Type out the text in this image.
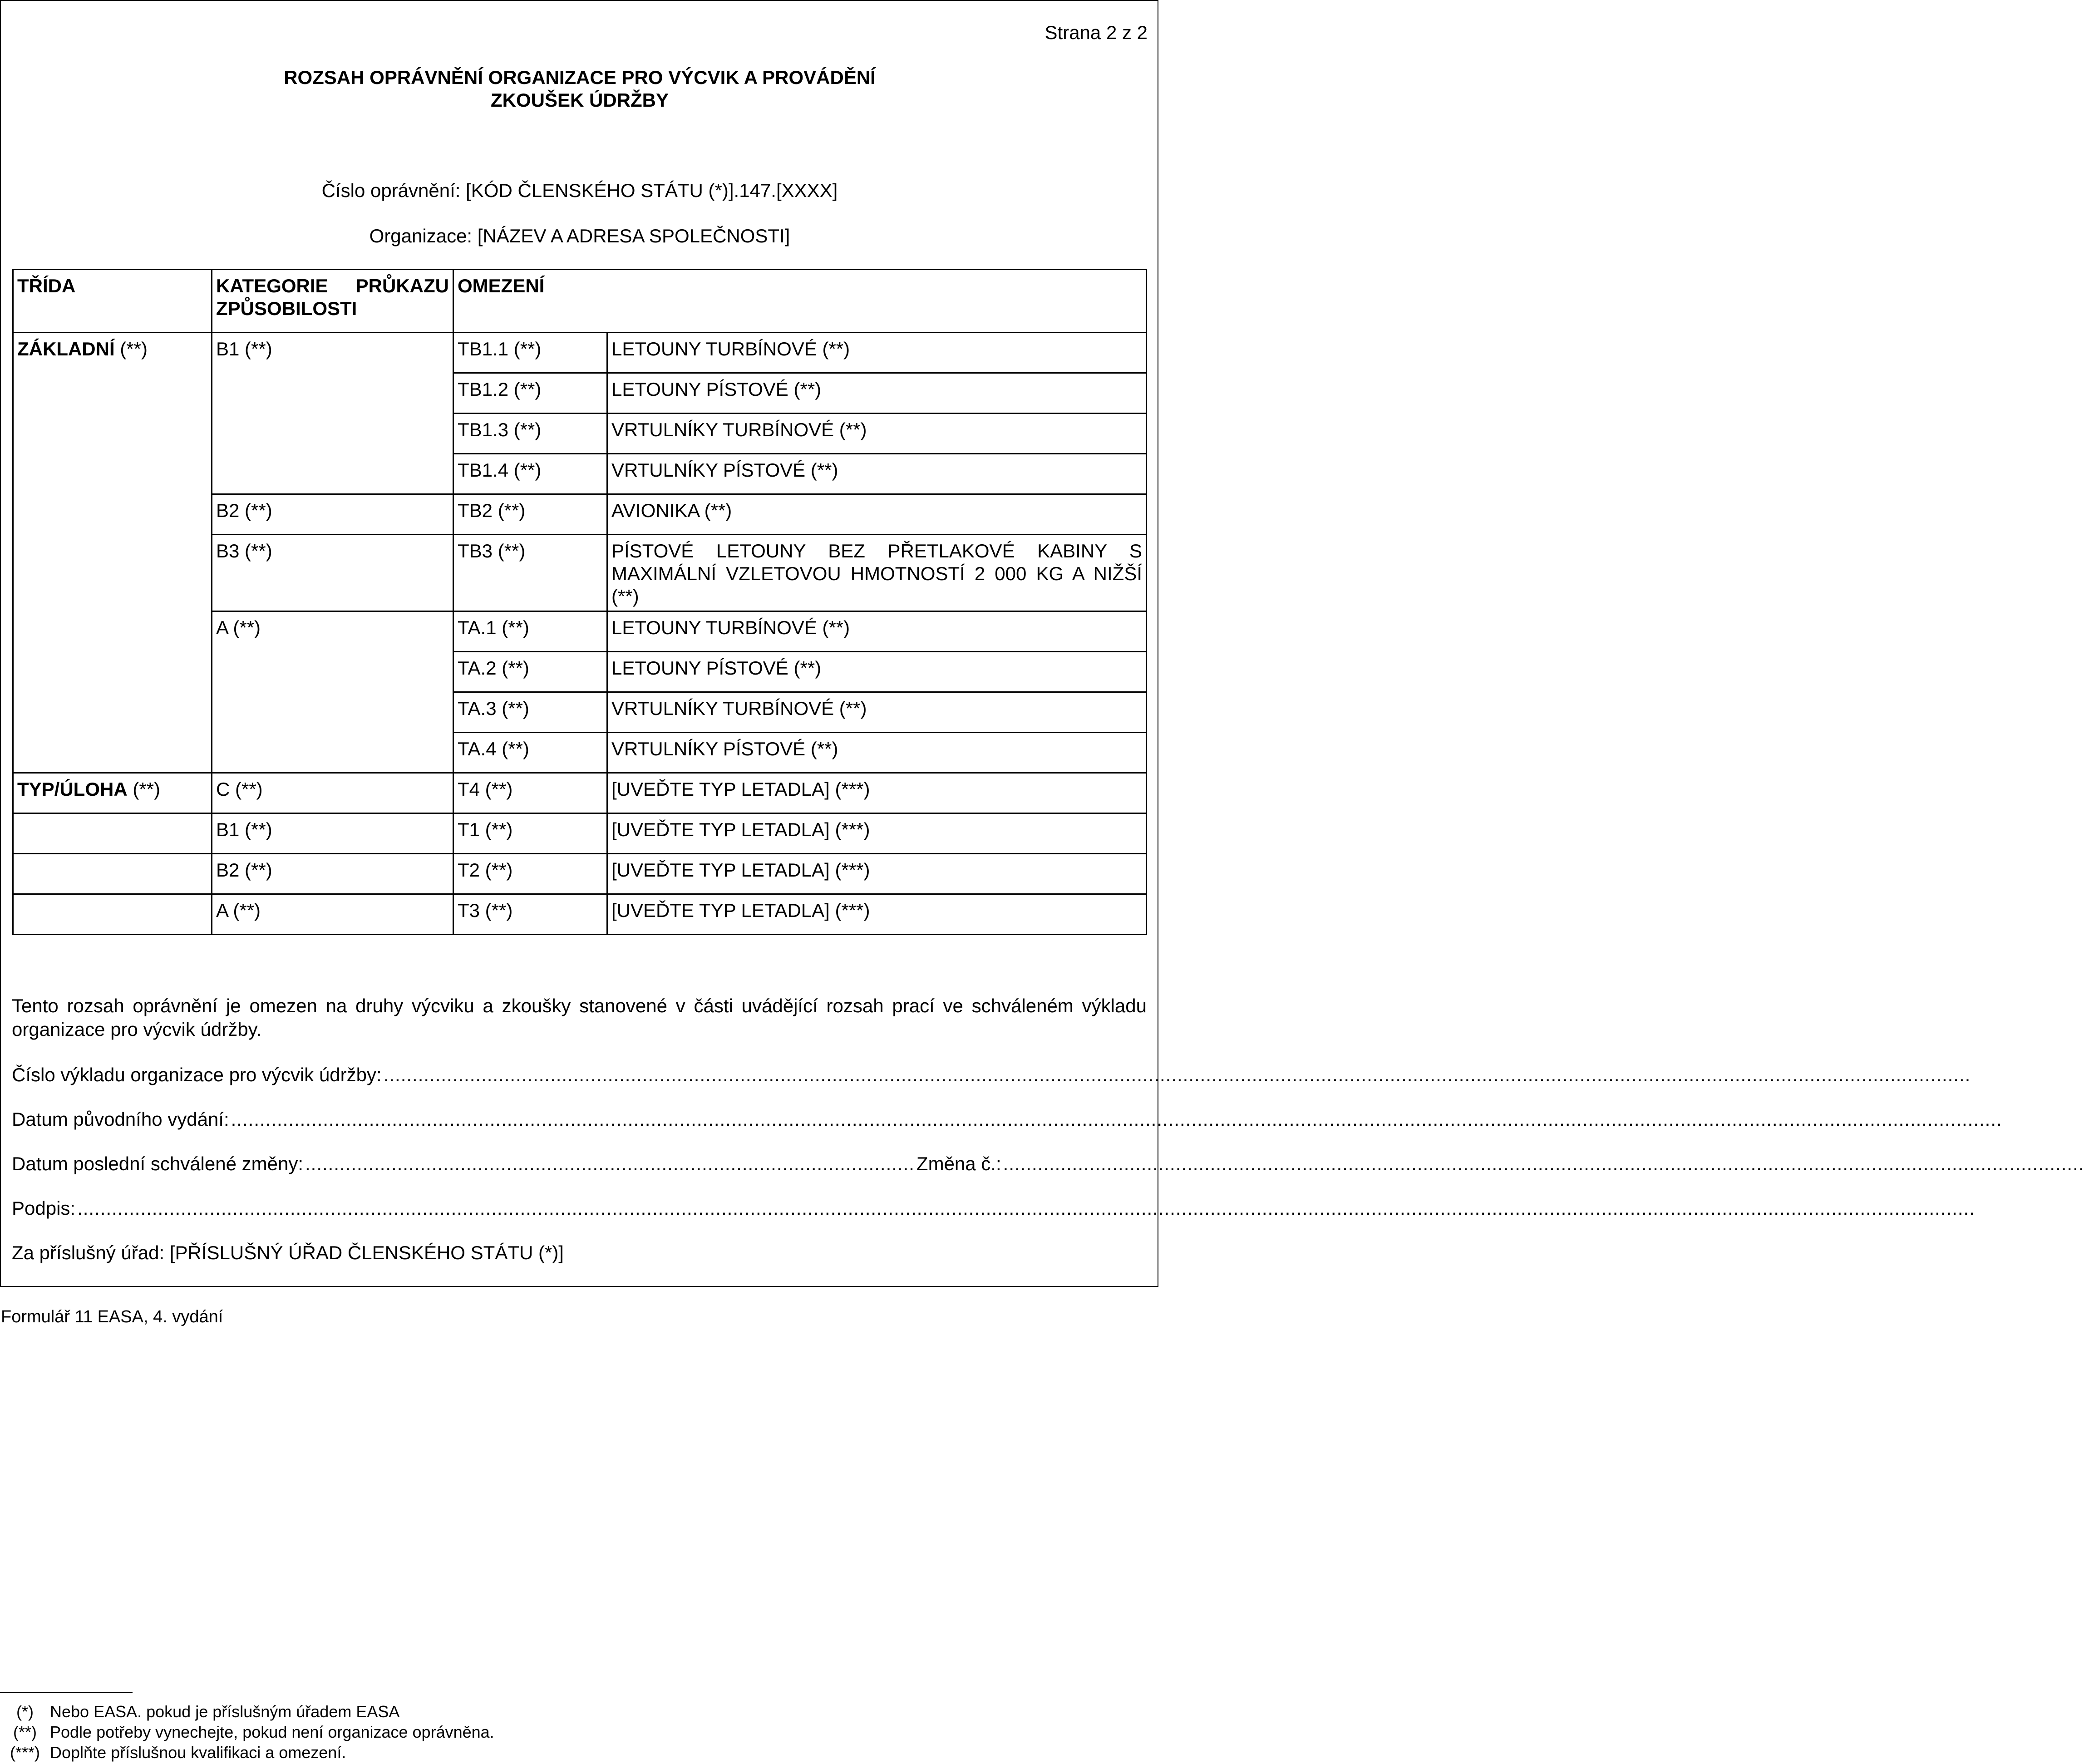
Strana 2 z 2
ROZSAH OPRÁVNĚNÍ ORGANIZACE PRO VÝCVIK A PROVÁDĚNÍ
ZKOUŠEK ÚDRŽBY
Číslo oprávnění: [KÓD ČLENSKÉHO STÁTU (*)].147.[XXXX]
Organizace: [NÁZEV A ADRESA SPOLEČNOSTI]
TŘÍDA	KATEGORIE PRŮKAZU ZPŮSOBILOSTI	OMEZENÍ	
ZÁKLADNÍ (**)	B1 (**)	TB1.1 (**)	LETOUNY TURBÍNOVÉ (**)
		TB1.2 (**)	LETOUNY PÍSTOVÉ (**)
		TB1.3 (**)	VRTULNÍKY TURBÍNOVÉ (**)
		TB1.4 (**)	VRTULNÍKY PÍSTOVÉ (**)
	B2 (**)	TB2 (**)	AVIONIKA (**)
	B3 (**)	TB3 (**)	PÍSTOVÉ LETOUNY BEZ PŘETLAKOVÉ KABINY S MAXIMÁLNÍ VZLETOVOU HMOTNOSTÍ 2 000 KG A NIŽŠÍ (**)
	A (**)	TA.1 (**)	LETOUNY TURBÍNOVÉ (**)
		TA.2 (**)	LETOUNY PÍSTOVÉ (**)
		TA.3 (**)	VRTULNÍKY TURBÍNOVÉ (**)
		TA.4 (**)	VRTULNÍKY PÍSTOVÉ (**)
TYP/ÚLOHA (**)	C (**)	T4 (**)	[UVEĎTE TYP LETADLA] (***)
	B1 (**)	T1 (**)	[UVEĎTE TYP LETADLA] (***)
	B2 (**)	T2 (**)	[UVEĎTE TYP LETADLA] (***)
	A (**)	T3 (**)	[UVEĎTE TYP LETADLA] (***)
Tento rozsah oprávnění je omezen na druhy výcviku a zkoušky stanovené v části uvádějící rozsah prací ve schváleném výkladu organizace pro výcvik údržby.
Číslo výkladu organizace pro výcvik údržby: ....................................................................................................................................................................................................................................................................................
Datum původního vydání: ....................................................................................................................................................................................................................................................................................................................
Datum poslední schválené změny: .......................................................................................................... Změna č.: ............................................................................................................................................................................................
Podpis: ..........................................................................................................................................................................................................................................................................................................................................
Za příslušný úřad: [PŘÍSLUŠNÝ ÚŘAD ČLENSKÉHO STÁTU (*)]
Formulář 11 EASA, 4. vydání
(*) Nebo EASA. pokud je příslušným úřadem EASA
(**) Podle potřeby vynechejte, pokud není organizace oprávněna.
(***) Doplňte příslušnou kvalifikaci a omezení.
